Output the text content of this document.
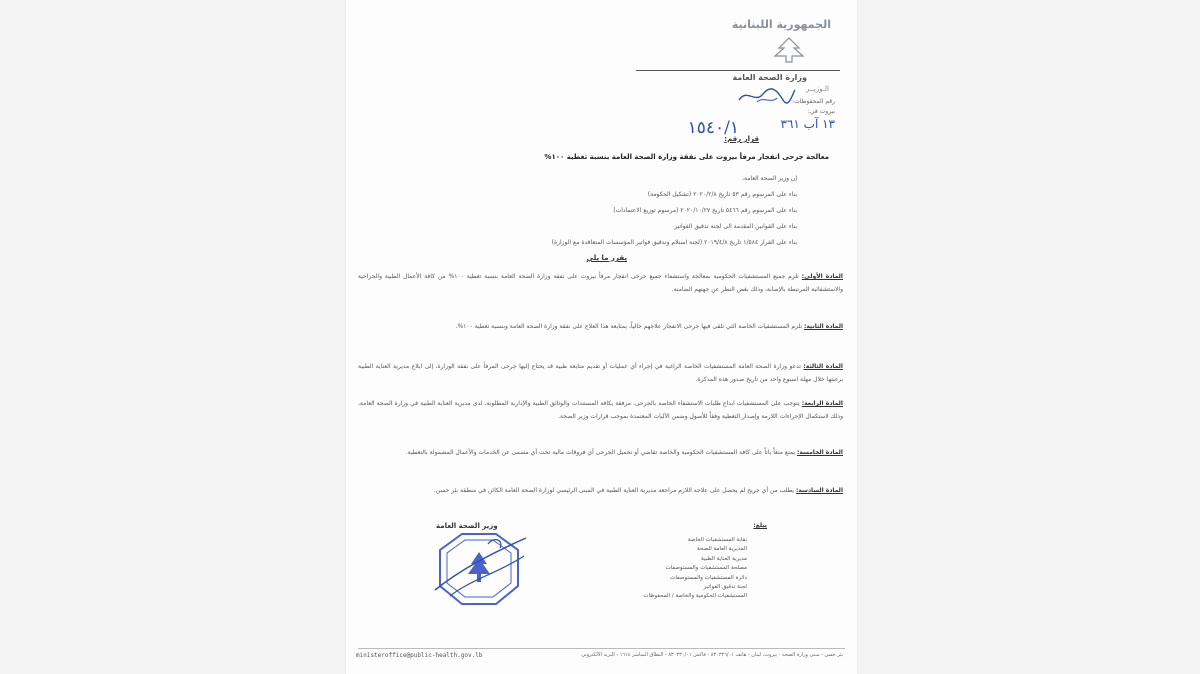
الجمهورية اللبنانية
وزارة الصحة العامة
الـوزيــر
رقم المحفوظات:
بيروت في:
١٣ آب ٣٦١
١٥٤٠/١
قرار رقم:
معالجة جرحى انفجار مرفأ بيروت على نفقة وزارة الصحة العامة بنسبة تغطية ١٠٠%
إن وزير الصحة العامة،
بناء على المرسوم رقم ٥٣ تاريخ ٢٠٢٠/٢/٨ (تشكيل الحكومة)
بناء على المرسوم رقم ٥٤٦٦ تاريخ ٢٠٢٠/١٠/٢٧ (مرسوم توزيع الاعتمادات)
بناء على القوانين المقدمة الى لجنة تدقيق الفواتير
بناء على القرار ١/٥٨٤ تاريخ ٢٠١٩/٤/٨ (لجنة استلام وتدقيق فواتير المؤسسات المتعاقدة مع الوزارة)
يقرر ما يلي
المادة الأولى: تلزم جميع المستشفيات الحكومية بمعالجة واستشفاء جميع جرحى انفجار مرفأ بيروت على نفقة وزارة الصحة العامة بنسبة تغطية ١٠٠% من كافة الأعمال الطبية والجراحية والاستشفائية المرتبطة بالإصابة، وذلك بغض النظر عن جهتهم الضامنة.
المادة الثانية: تلزم المستشفيات الخاصة التي تلقى فيها جرحى الانفجار علاجهم حالياً، بمتابعة هذا العلاج على نفقة وزارة الصحة العامة وبنسبة تغطية ١٠٠%.
المادة الثالثة: تدعو وزارة الصحة العامة المستشفيات الخاصة الراغبة في إجراء أي عمليات أو تقديم متابعة طبية قد يحتاج إليها جرحى المرفأ على نفقة الوزارة، إلى ابلاغ مديرية العناية الطبية برغبتها خلال مهلة اسبوع واحد من تاريخ صدور هذه المذكرة.
المادة الرابعة: يتوجب على المستشفيات ايداع طلبات الاستشفاء الخاصة بالجرحى، مرفقة بكافة المستندات والوثائق الطبية والإدارية المطلوبة، لدى مديرية العناية الطبية في وزارة الصحة العامة، وذلك لاستكمال الإجراءات اللازمة وإصدار التغطية وفقاً للأصول وضمن الآليات المعتمدة بموجب قرارات وزير الصحة.
المادة الخامسة: يمنع منعاً باتاً على كافة المستشفيات الحكومية والخاصة تقاضي أو تحميل الجرحى أي فروقات مالية تحت أي مسمى عن الخدمات والأعمال المشمولة بالتغطية.
المادة السادسة: يطلب من أي جريح لم يحصل على علاجه اللازم مراجعة مديرية العناية الطبية في المبنى الرئيسي لوزارة الصحة العامة الكائن في منطقة بئر حسن.
وزير الصحة العامة	يبلغ:
نقابة المستشفيات الخاصة
المديرية العامة للصحة
مديرية العناية الطبية
مصلحة المستشفيات والمستوصفات
دائرة المستشفيات والمستوصفات
لجنة تدقيق الفواتير
المستشفيات الحكومية والخاصة / المحفوظات
ministeroffice@public-health.gov.lb	بئر حسن - مبنى وزارة الصحة - بيروت، لبنان - هاتف ٨٣٠٣٢٦/٠١ - فاكس ٨٣٠٣٣٠/٠١ - النطاق المباشر ١٦١٤ - البريد الالكتروني
